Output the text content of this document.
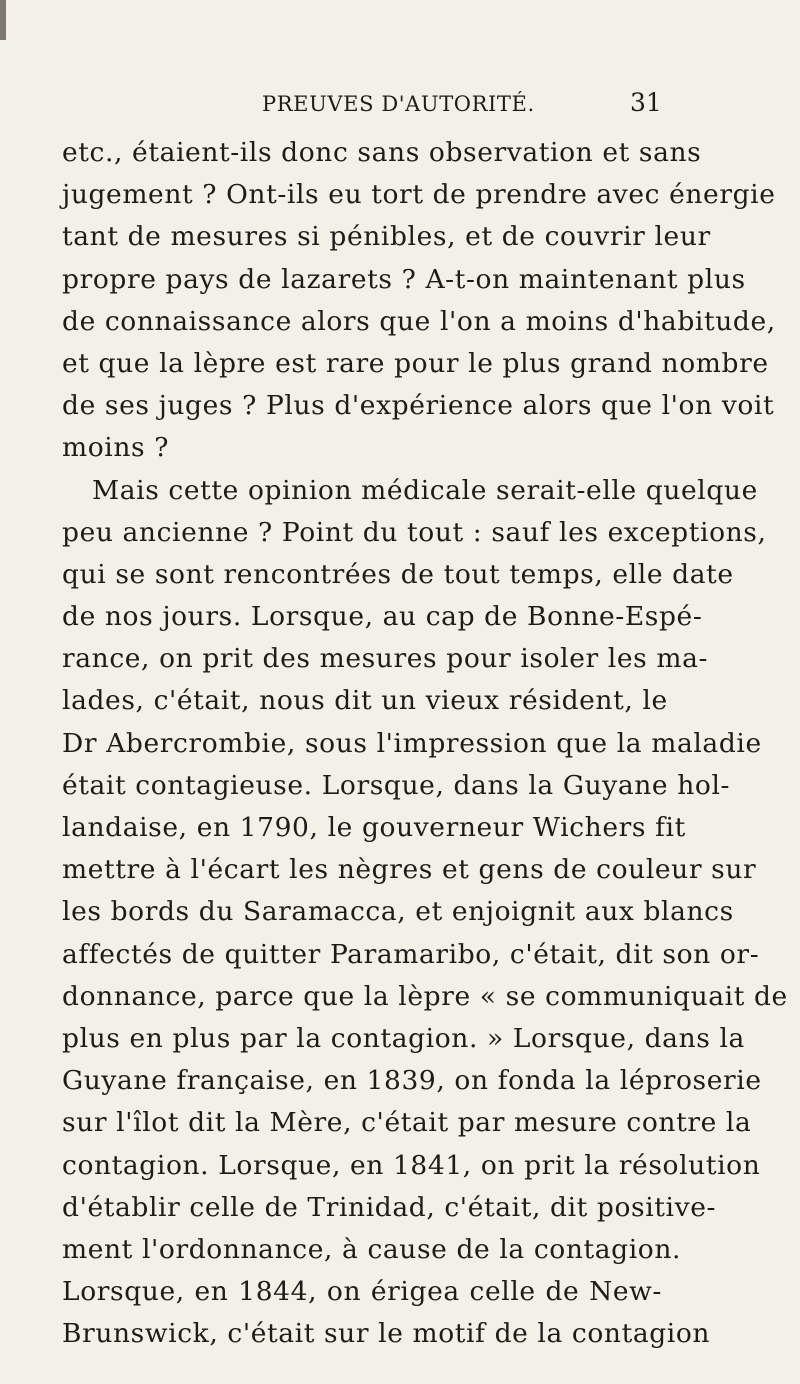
PREUVES D'AUTORITÉ.	31
etc., étaient-ils donc sans observation et sans
jugement ? Ont-ils eu tort de prendre avec énergie
tant de mesures si pénibles, et de couvrir leur
propre pays de lazarets ? A-t-on maintenant plus
de connaissance alors que l'on a moins d'habitude,
et que la lèpre est rare pour le plus grand nombre
de ses juges ? Plus d'expérience alors que l'on voit
moins ?
Mais cette opinion médicale serait-elle quelque
peu ancienne ? Point du tout : sauf les exceptions,
qui se sont rencontrées de tout temps, elle date
de nos jours. Lorsque, au cap de Bonne-Espé-
rance, on prit des mesures pour isoler les ma-
lades, c'était, nous dit un vieux résident, le
Dr Abercrombie, sous l'impression que la maladie
était contagieuse. Lorsque, dans la Guyane hol-
landaise, en 1790, le gouverneur Wichers fit
mettre à l'écart les nègres et gens de couleur sur
les bords du Saramacca, et enjoignit aux blancs
affectés de quitter Paramaribo, c'était, dit son or-
donnance, parce que la lèpre « se communiquait de
plus en plus par la contagion. » Lorsque, dans la
Guyane française, en 1839, on fonda la léproserie
sur l'îlot dit la Mère, c'était par mesure contre la
contagion. Lorsque, en 1841, on prit la résolution
d'établir celle de Trinidad, c'était, dit positive-
ment l'ordonnance, à cause de la contagion.
Lorsque, en 1844, on érigea celle de New-
Brunswick, c'était sur le motif de la contagion
